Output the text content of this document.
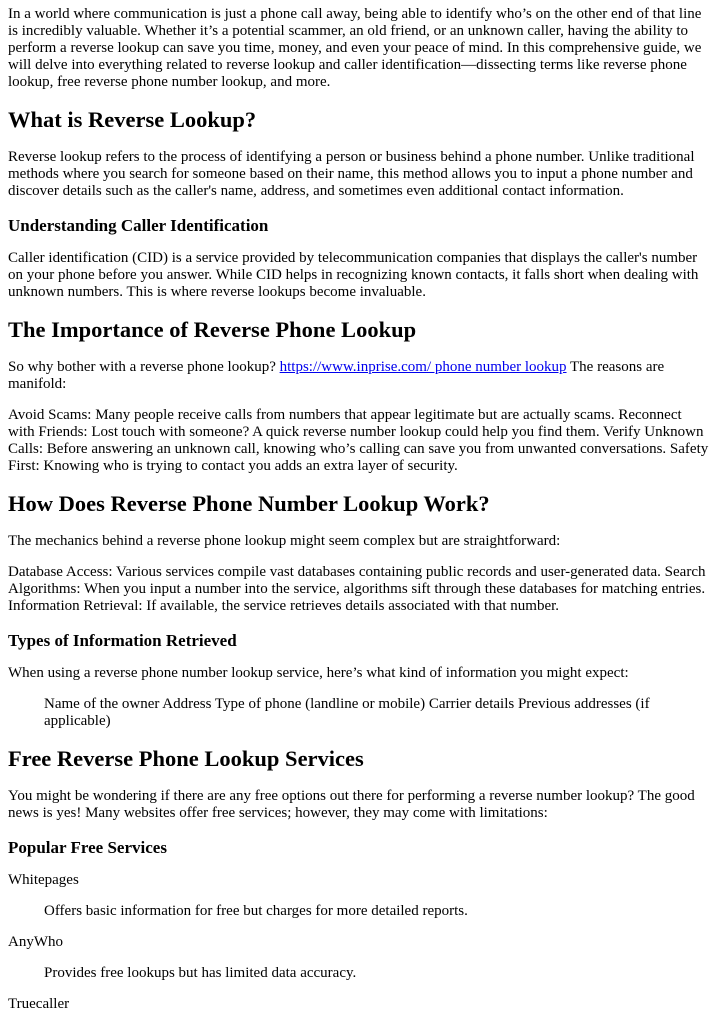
In a world where communication is just a phone call away, being able to identify who’s on the other end of that line is incredibly valuable. Whether it’s a potential scammer, an old friend, or an unknown caller, having the ability to perform a reverse lookup can save you time, money, and even your peace of mind. In this comprehensive guide, we will delve into everything related to reverse lookup and caller identification—dissecting terms like reverse phone lookup, free reverse phone number lookup, and more.

What is Reverse Lookup?

Reverse lookup refers to the process of identifying a person or business behind a phone number. Unlike traditional methods where you search for someone based on their name, this method allows you to input a phone number and discover details such as the caller's name, address, and sometimes even additional contact information.

Understanding Caller Identification

Caller identification (CID) is a service provided by telecommunication companies that displays the caller's number on your phone before you answer. While CID helps in recognizing known contacts, it falls short when dealing with unknown numbers. This is where reverse lookups become invaluable.

The Importance of Reverse Phone Lookup

So why bother with a reverse phone lookup? https://www.inprise.com/ phone number lookup The reasons are manifold:

Avoid Scams: Many people receive calls from numbers that appear legitimate but are actually scams. Reconnect with Friends: Lost touch with someone? A quick reverse number lookup could help you find them. Verify Unknown Calls: Before answering an unknown call, knowing who’s calling can save you from unwanted conversations. Safety First: Knowing who is trying to contact you adds an extra layer of security.

How Does Reverse Phone Number Lookup Work?

The mechanics behind a reverse phone lookup might seem complex but are straightforward:

Database Access: Various services compile vast databases containing public records and user-generated data. Search Algorithms: When you input a number into the service, algorithms sift through these databases for matching entries. Information Retrieval: If available, the service retrieves details associated with that number.

Types of Information Retrieved

When using a reverse phone number lookup service, here’s what kind of information you might expect:

Name of the owner Address Type of phone (landline or mobile) Carrier details Previous addresses (if applicable)
Free Reverse Phone Lookup Services

You might be wondering if there are any free options out there for performing a reverse number lookup? The good news is yes! Many websites offer free services; however, they may come with limitations:

Popular Free Services

Whitepages

Offers basic information for free but charges for more detailed reports.

AnyWho

Provides free lookups but has limited data accuracy.

Truecaller
